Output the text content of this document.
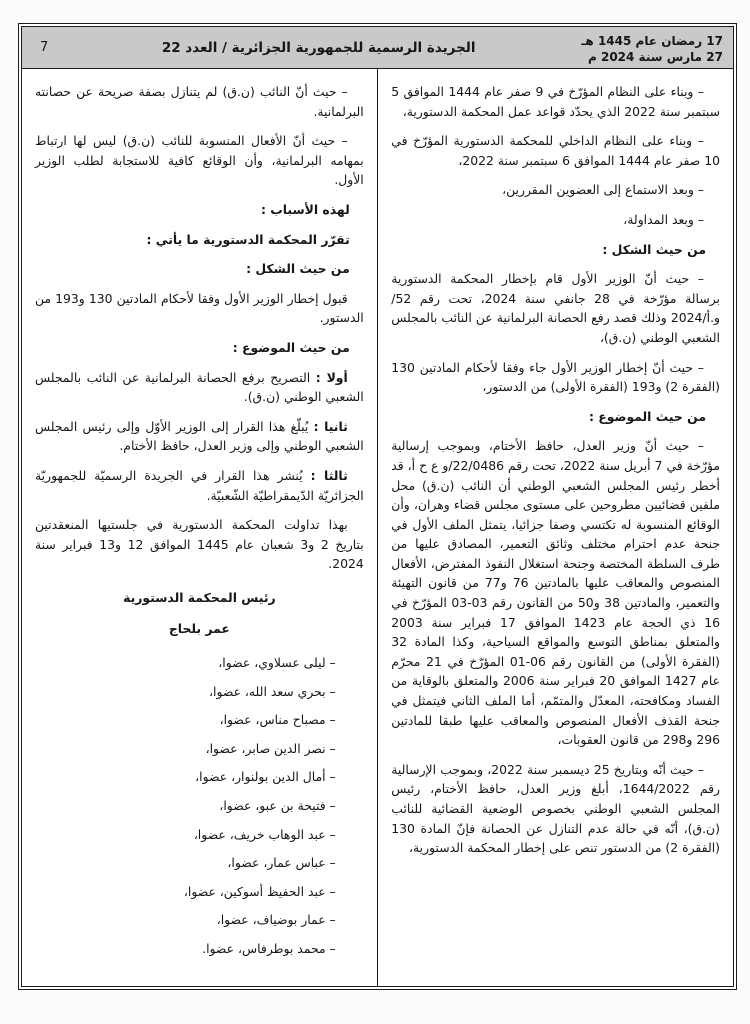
17 رمضان عام 1445 هـ
27 مارس سنة 2024 م
الجريدة الرسمية للجمهورية الجزائرية / العدد 22
7

– وبناء على النظام المؤرّخ في 9 صفر عام 1444 الموافق 5 سبتمبر سنة 2022 الذي يحدّد قواعد عمل المحكمة الدستورية،

– وبناء على النظام الداخلي للمحكمة الدستورية المؤرّخ في 10 صفر عام 1444 الموافق 6 سبتمبر سنة 2022،

– وبعد الاستماع إلى العضوين المقررين،

– وبعد المداولة،

من حيث الشكل :

– حيث أنّ الوزير الأول قام بإخطار المحكمة الدستورية برسالة مؤرّخة في 28 جانفي سنة 2024، تحت رقم 52/و.أ/2024 وذلك قصد رفع الحصانة البرلمانية عن النائب بالمجلس الشعبي الوطني (ن.ق)،

– حيث أنّ إخطار الوزير الأول جاء وفقا لأحكام المادتين 130 (الفقرة 2) و193 (الفقرة الأولى) من الدستور،

من حيث الموضوع :

– حيث أنّ وزير العدل، حافظ الأختام، وبموجب إرسالية مؤرّخة في 7 أبريل سنة 2022، تحت رقم 22/0486/و ع ح أ، قد أخطر رئيس المجلس الشعبي الوطني أن النائب (ن.ق) محل ملفين قضائيين مطروحين على مستوى مجلس قضاء وهران، وأن الوقائع المنسوبة له تكتسي وصفا جزائيا، يتمثل الملف الأول في جنحة عدم احترام مختلف وثائق التعمير، المصادق عليها من طرف السلطة المختصة وجنحة استغلال النفوذ المفترض، الأفعال المنصوص والمعاقب عليها بالمادتين 76 و77 من قانون التهيئة والتعمير، والمادتين 38 و50 من القانون رقم 03-03 المؤرّخ في 16 ذي الحجة عام 1423 الموافق 17 فبراير سنة 2003 والمتعلق بمناطق التوسع والمواقع السياحية، وكذا المادة 32 (الفقرة الأولى) من القانون رقم 06-01 المؤرّخ في 21 محرّم عام 1427 الموافق 20 فبراير سنة 2006 والمتعلق بالوقاية من الفساد ومكافحته، المعدّل والمتمّم، أما الملف الثاني فيتمثل في جنحة القذف الأفعال المنصوص والمعاقب عليها طبقا للمادتين 296 و298 من قانون العقوبات،

– حيث أنّه وبتاريخ 25 ديسمبر سنة 2022، وبموجب الإرسالية رقم 1644/2022، أبلغ وزير العدل، حافظ الأختام، رئيس المجلس الشعبي الوطني بخصوص الوضعية القضائية للنائب (ن.ق)، أنّه في حالة عدم التنازل عن الحصانة فإنّ المادة 130 (الفقرة 2) من الدستور تنص على إخطار المحكمة الدستورية،

– حيث أنّ النائب (ن.ق) لم يتنازل بصفة صريحة عن حصانته البرلمانية.

– حيث أنّ الأفعال المنسوبة للنائب (ن.ق) ليس لها ارتباط بمهامه البرلمانية، وأن الوقائع كافية للاستجابة لطلب الوزير الأول.

لهذه الأسباب :

تقرّر المحكمة الدستورية ما يأتي :

من حيث الشكل :

قبول إخطار الوزير الأول وفقا لأحكام المادتين 130 و193 من الدستور.

من حيث الموضوع :

أولا : التصريح برفع الحصانة البرلمانية عن النائب بالمجلس الشعبي الوطني (ن.ق).

ثانيا : يُبلّغ هذا القرار إلى الوزير الأوّل وإلى رئيس المجلس الشعبي الوطني وإلى وزير العدل، حافظ الأختام.

ثالثا : يُنشر هذا القرار في الجريدة الرسميّة للجمهوريّة الجزائريّة الدّيمقراطيّة الشّعبيّة.

بهذا تداولت المحكمة الدستورية في جلستيها المنعقدتين بتاريخ 2 و3 شعبان عام 1445 الموافق 12 و13 فبراير سنة 2024.

رئيس المحكمة الدستورية

عمر بلحاج

– ليلى عسلاوي، عضوا،

– بحري سعد الله، عضوا،

– مصباح مناس، عضوا،

– نصر الدين صابر، عضوا،

– أمال الدين بولنوار، عضوا،

– فتيحة بن عبو، عضوا،

– عبد الوهاب خريف، عضوا،

– عباس عمار، عضوا،

– عبد الحفيظ أسوكين، عضوا،

– عمار بوضياف، عضوا،

– محمد بوطرفاس، عضوا.
